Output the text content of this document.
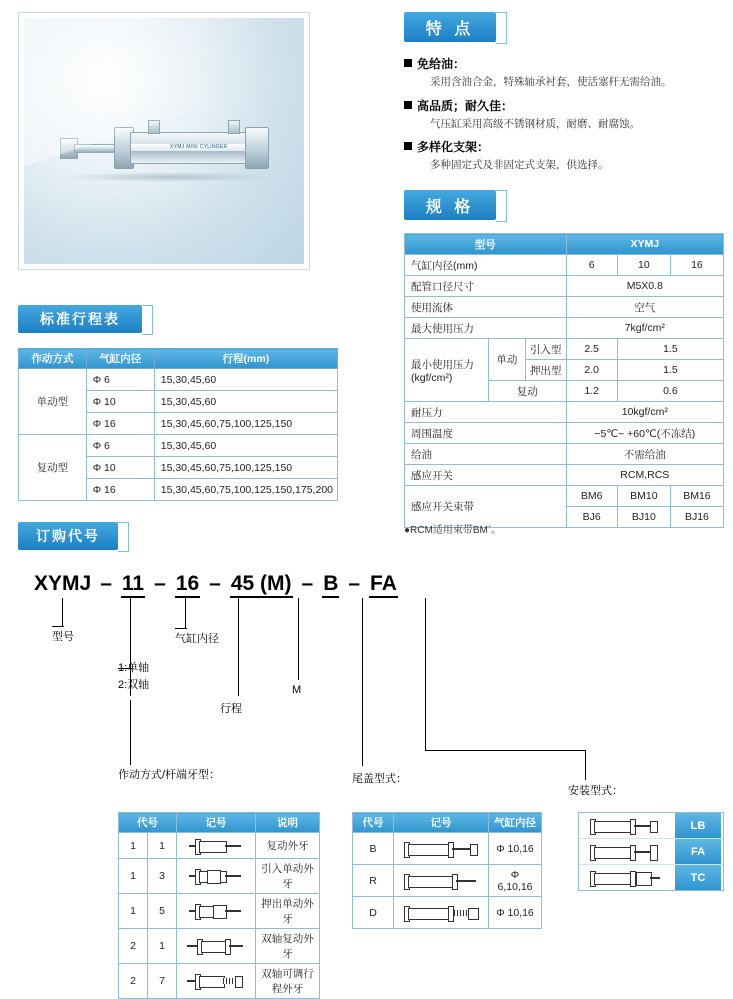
XYMJ MINI CYLINDER
特 点
免给油：
采用含油合金，特殊轴承衬套，使活塞杆无需给油。
高品质；耐久佳：
气压缸采用高级不锈钢材质，耐磨、耐腐蚀。
多样化支架：
多种固定式及非固定式支架，供选择。
规 格
型号			XYMJ		
气缸内径(mm)			6	10	16
配管口径尺寸			M5X0.8		
使用流体			空气		
最大使用压力			7kgf/cm²		
最小使用压力
(kgf/cm²)	单动	引入型	2.5	1.5	
		押出型	2.0	1.5	
	复动		1.2	0.6	
耐压力			10kgf/cm²		
周围温度			−5℃~ +60℃(不冻结)		
给油			不需给油		
感应开关			RCM,RCS		
感应开关束带			BM6	BM10	BM16
			BJ6	BJ10	BJ16
●RCM适用束带BM`。
标准行程表
作动方式	气缸内径	行程(mm)
单动型	Φ 6	15,30,45,60
	Φ 10	15,30,45,60
	Φ 16	15,30,45,60,75,100,125,150
复动型	Φ 6	15,30,45,60
	Φ 10	15,30,45,60,75,100,125,150
	Φ 16	15,30,45,60,75,100,125,150,175,200
订购代号
XYMJ – 11 – 16 – 45 (M) – B – FA
型号
1:单轴
2:双轴
气缸内径
行程
M
作动方式/杆端牙型：	尾盖型式：
安装型式：
代号		记号	说明
1	1		复动外牙
1	3		引入单动外牙
1	5		押出单动外牙
2	1		双轴复动外牙
2	7		双轴可调行程外牙
代号	记号	气缸内径
B		Φ 10,16
R		Φ 6,10,16
D		Φ 10,16
LB
FA
TC
